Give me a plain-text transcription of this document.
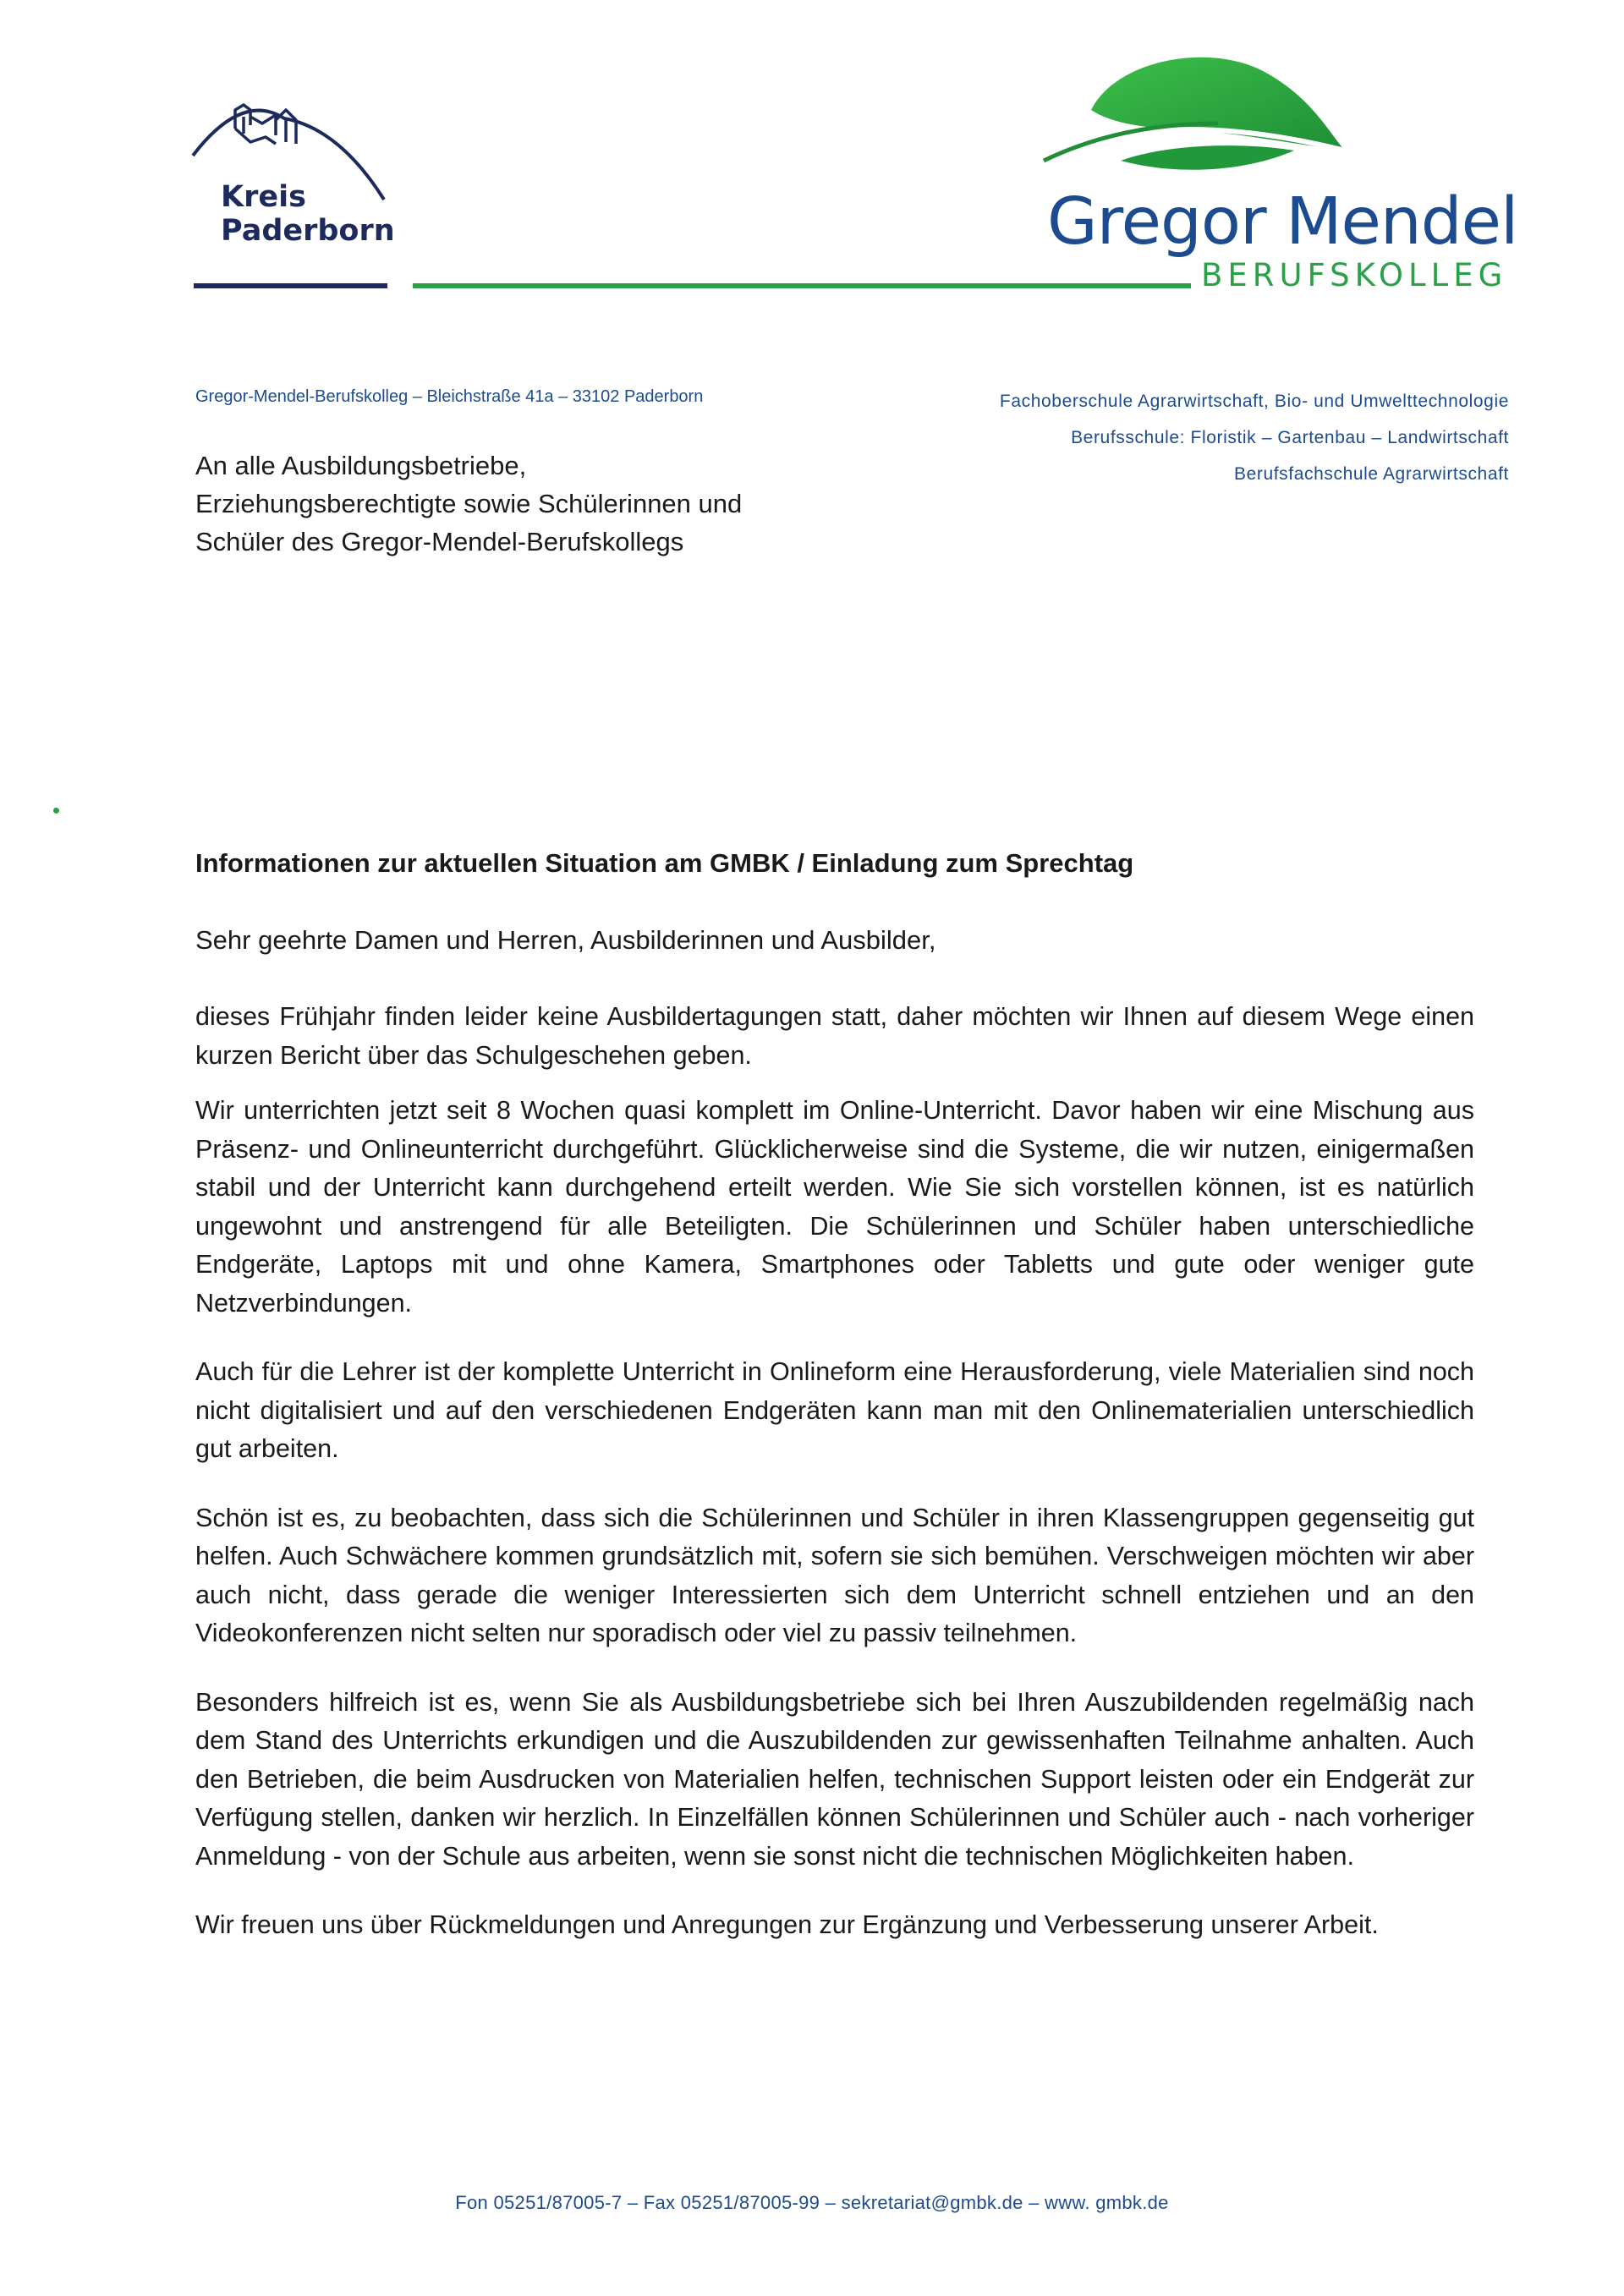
Kreis
Paderborn	Gregor Mendel
BERUFSKOLLEG
Gregor-Mendel-Berufskolleg – Bleichstraße 41a – 33102 Paderborn
An alle Ausbildungsbetriebe,
Erziehungsberechtigte sowie Schülerinnen und
Schüler des Gregor-Mendel-Berufskollegs
Fachoberschule Agrarwirtschaft, Bio- und Umwelttechnologie
Berufsschule: Floristik – Gartenbau – Landwirtschaft
Berufsfachschule Agrarwirtschaft
Informationen zur aktuellen Situation am GMBK / Einladung zum Sprechtag
Sehr geehrte Damen und Herren, Ausbilderinnen und Ausbilder,

dieses Frühjahr finden leider keine Ausbildertagungen statt, daher möchten wir Ihnen auf diesem Wege einen kurzen Bericht über das Schulgeschehen geben.

Wir unterrichten jetzt seit 8 Wochen quasi komplett im Online-Unterricht. Davor haben wir eine Mischung aus Präsenz- und Onlineunterricht durchgeführt. Glücklicherweise sind die Systeme, die wir nutzen, einigermaßen stabil und der Unterricht kann durchgehend erteilt werden. Wie Sie sich vorstellen können, ist es natürlich ungewohnt und anstrengend für alle Beteiligten. Die Schülerinnen und Schüler haben unterschiedliche Endgeräte, Laptops mit und ohne Kamera, Smartphones oder Tabletts und gute oder weniger gute Netzverbindungen.

Auch für die Lehrer ist der komplette Unterricht in Onlineform eine Herausforderung, viele Materialien sind noch nicht digitalisiert und auf den verschiedenen Endgeräten kann man mit den Onlinematerialien unterschiedlich gut arbeiten.

Schön ist es, zu beobachten, dass sich die Schülerinnen und Schüler in ihren Klassengruppen gegenseitig gut helfen. Auch Schwächere kommen grundsätzlich mit, sofern sie sich bemühen. Verschweigen möchten wir aber auch nicht, dass gerade die weniger Interessierten sich dem Unterricht schnell entziehen und an den Videokonferenzen nicht selten nur sporadisch oder viel zu passiv teilnehmen.

Besonders hilfreich ist es, wenn Sie als Ausbildungsbetriebe sich bei Ihren Auszubildenden regelmäßig nach dem Stand des Unterrichts erkundigen und die Auszubildenden zur gewissenhaften Teilnahme anhalten. Auch den Betrieben, die beim Ausdrucken von Materialien helfen, technischen Support leisten oder ein Endgerät zur Verfügung stellen, danken wir herzlich. In Einzelfällen können Schülerinnen und Schüler auch - nach vorheriger Anmeldung - von der Schule aus arbeiten, wenn sie sonst nicht die technischen Möglichkeiten haben.

Wir freuen uns über Rückmeldungen und Anregungen zur Ergänzung und Verbesserung unserer Arbeit.

Fon 05251/87005-7 – Fax 05251/87005-99 – sekretariat@gmbk.de – www. gmbk.de
